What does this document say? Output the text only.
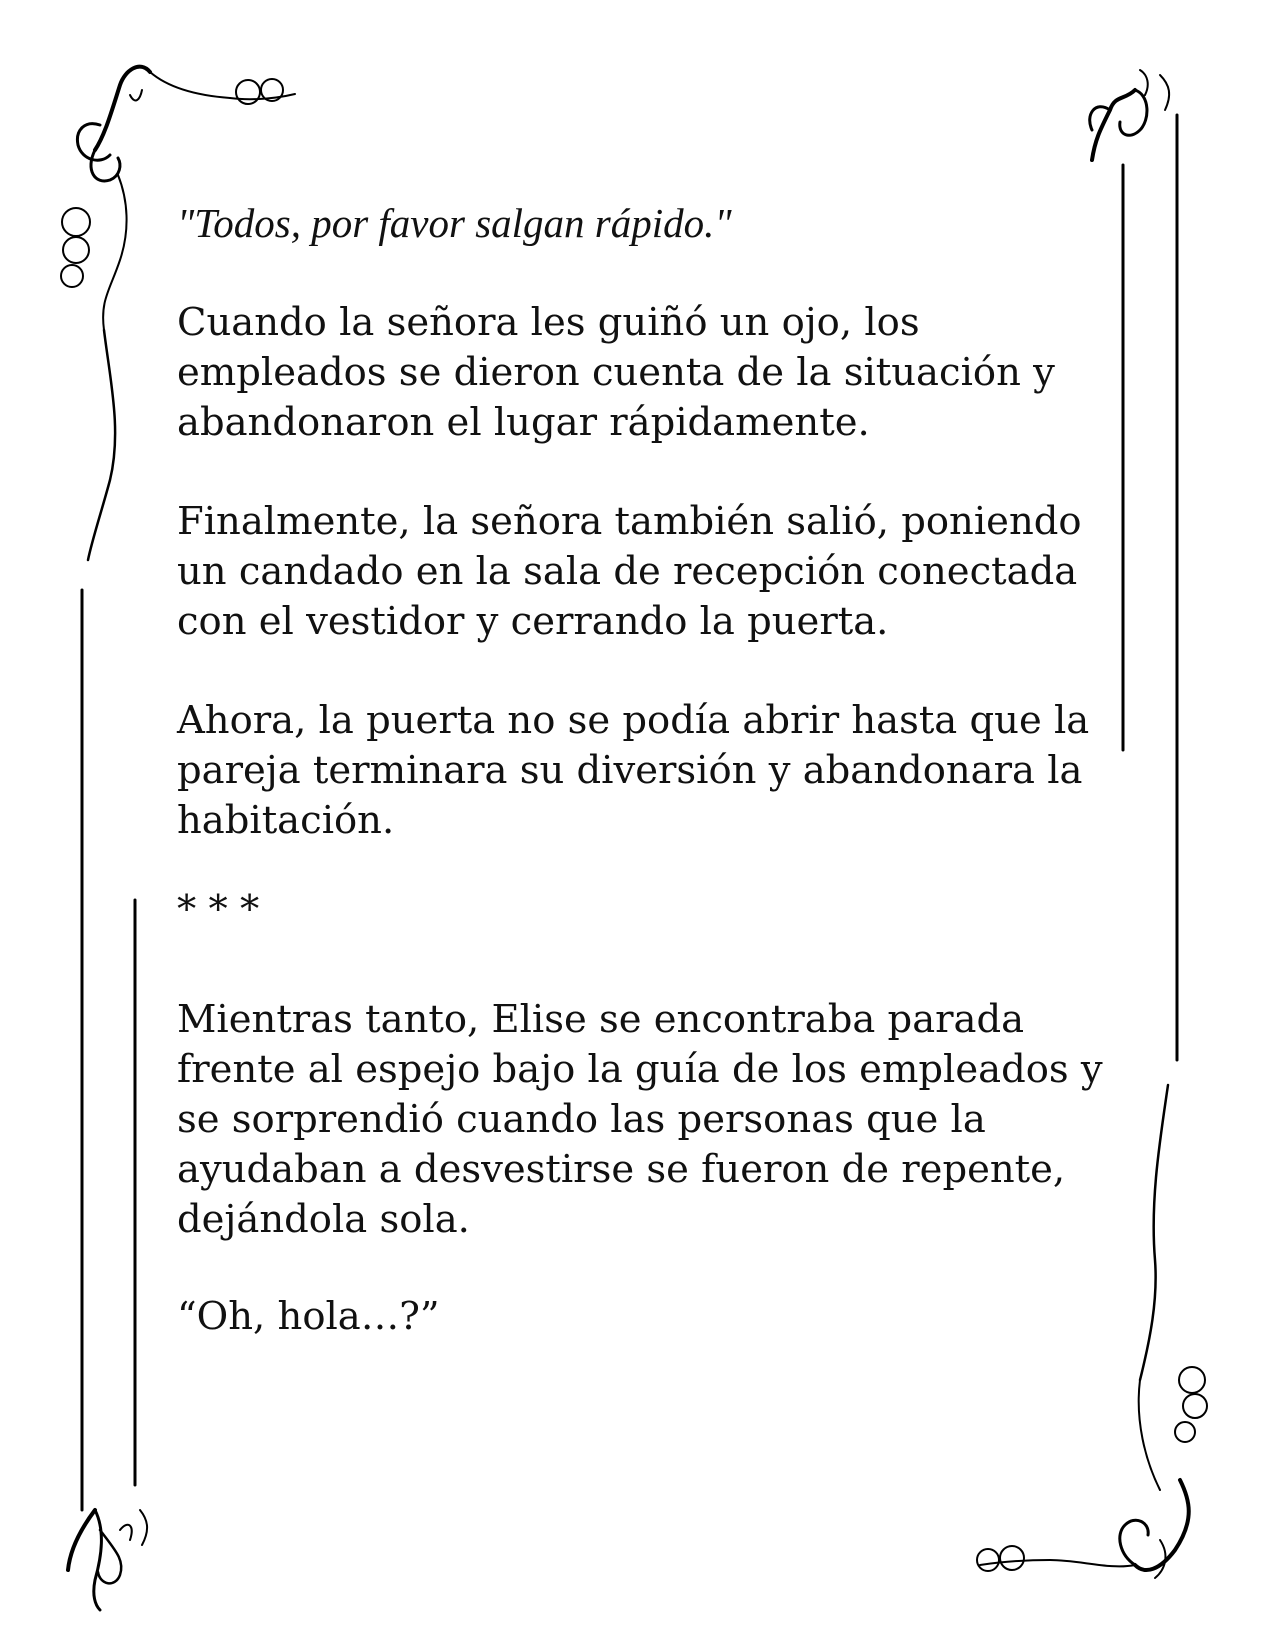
"Todos, por favor salgan rápido."

Cuando la señora les guiñó un ojo, los
empleados se dieron cuenta de la situación y
abandonaron el lugar rápidamente.

Finalmente, la señora también salió, poniendo
un candado en la sala de recepción conectada
con el vestidor y cerrando la puerta.

Ahora, la puerta no se podía abrir hasta que la
pareja terminara su diversión y abandonara la
habitación.

* * *

Mientras tanto, Elise se encontraba parada
frente al espejo bajo la guía de los empleados y
se sorprendió cuando las personas que la
ayudaban a desvestirse se fueron de repente,
dejándola sola.

“Oh, hola…?”
